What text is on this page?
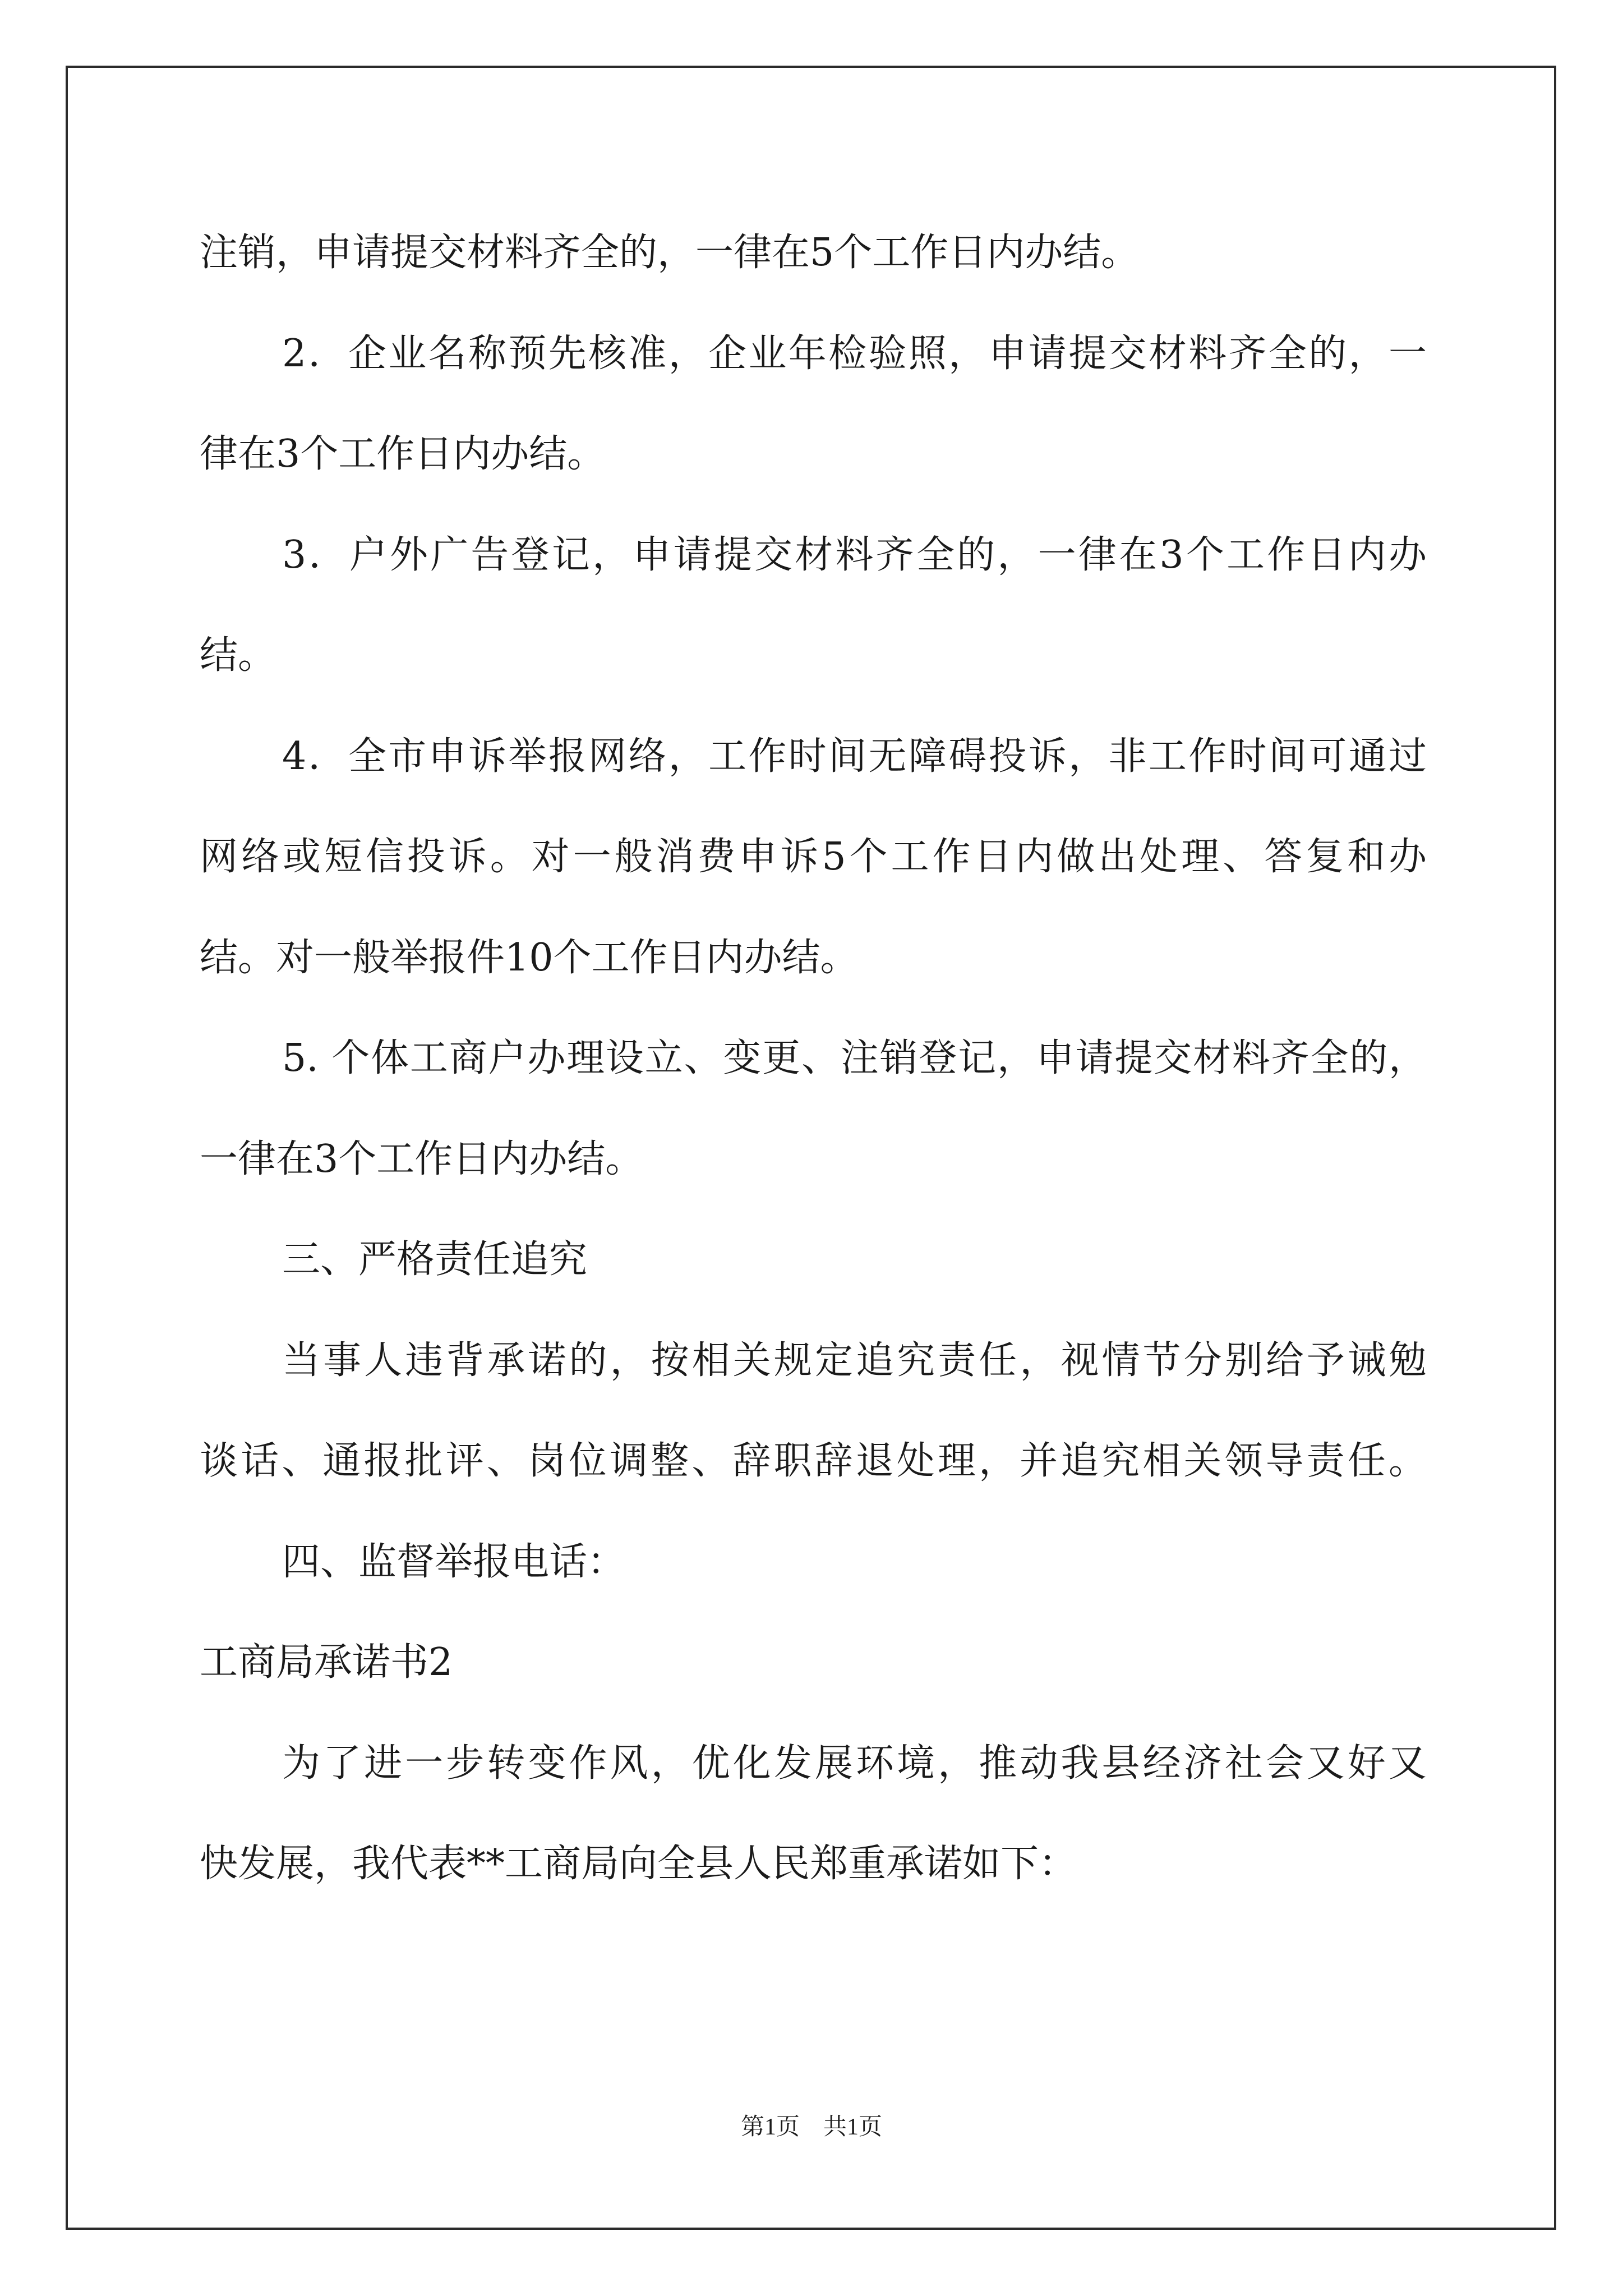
注销，申请提交材料齐全的，一律在5个工作日内办结。
2．企业名称预先核准，企业年检验照，申请提交材料齐全的，一
律在3个工作日内办结。
3．户外广告登记，申请提交材料齐全的，一律在3个工作日内办
结。
4．全市申诉举报网络，工作时间无障碍投诉，非工作时间可通过
网络或短信投诉。对一般消费申诉5个工作日内做出处理、答复和办
结。对一般举报件10个工作日内办结。
5. 个体工商户办理设立、变更、注销登记，申请提交材料齐全的，
一律在3个工作日内办结。
三、严格责任追究
当事人违背承诺的，按相关规定追究责任，视情节分别给予诫勉
谈话、通报批评、岗位调整、辞职辞退处理，并追究相关领导责任。
四、监督举报电话：
工商局承诺书2
为了进一步转变作风，优化发展环境，推动我县经济社会又好又
快发展，我代表**工商局向全县人民郑重承诺如下：
第1页　共1页
